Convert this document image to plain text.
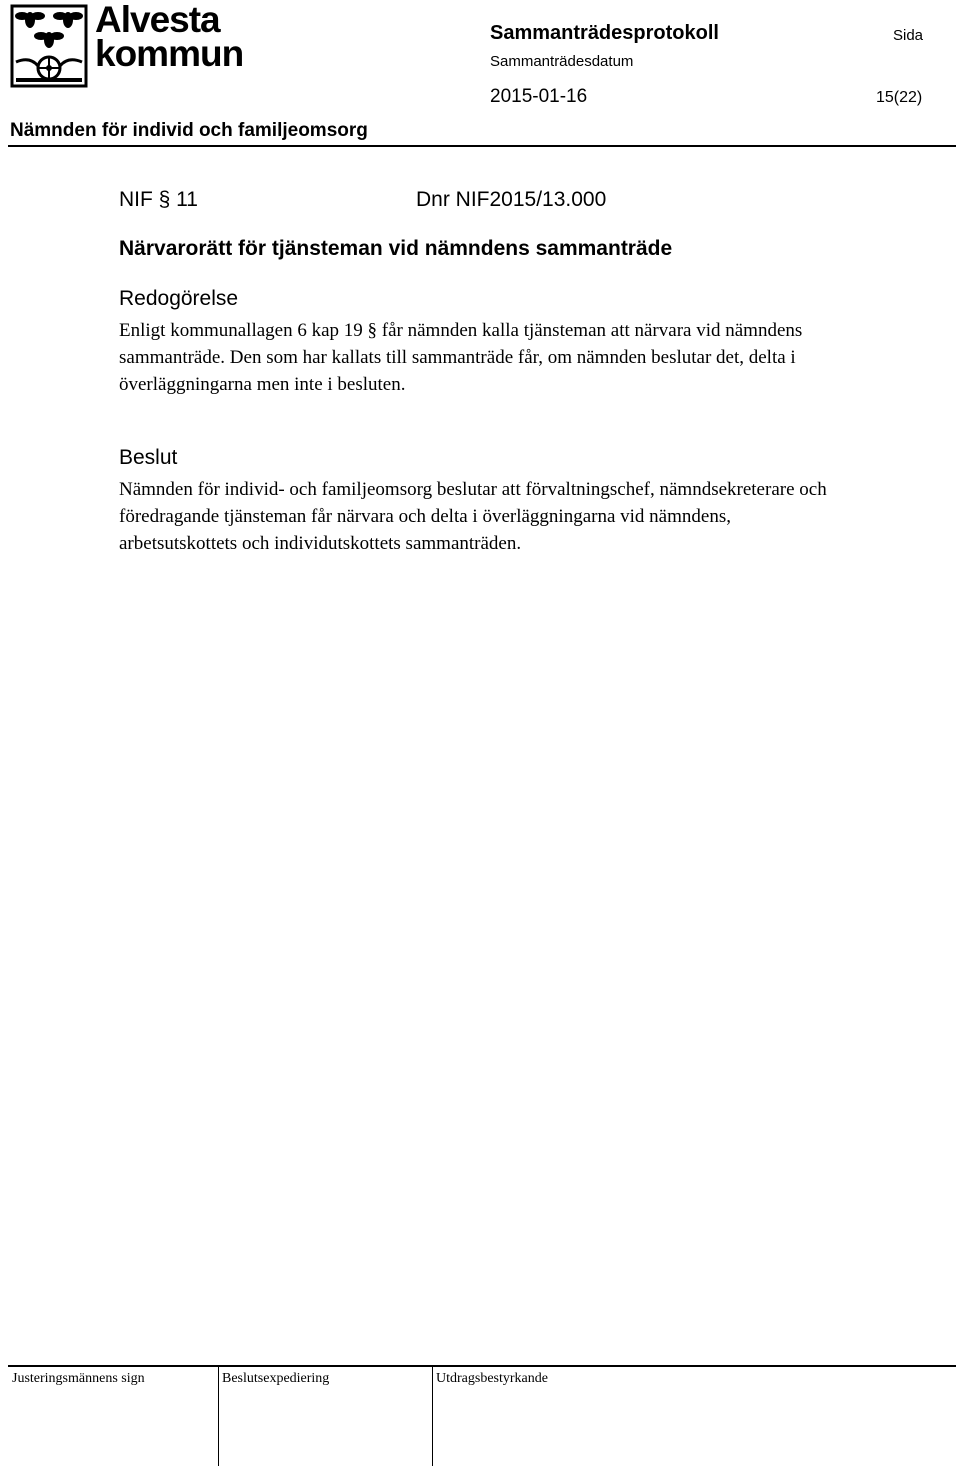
Alvesta
kommun	Sammanträdesprotokoll	Sida
Sammanträdesdatum
2015-01-16	15(22)
Nämnden för individ och familjeomsorg
NIF § 11	Dnr NIF2015/13.000
Närvarorätt för tjänsteman vid nämndens sammanträde
Redogörelse
Enligt kommunallagen 6 kap 19 § får nämnden kalla tjänsteman att närvara vid nämndens sammanträde. Den som har kallats till sammanträde får, om nämnden beslutar det, delta i överläggningarna men inte i besluten.
Beslut
Nämnden för individ- och familjeomsorg beslutar att förvaltningschef, nämndsekreterare och föredragande tjänsteman får närvara och delta i överläggningarna vid nämndens, arbetsutskottets och individutskottets sammanträden.
Justeringsmännens sign	Beslutsexpediering	Utdragsbestyrkande
